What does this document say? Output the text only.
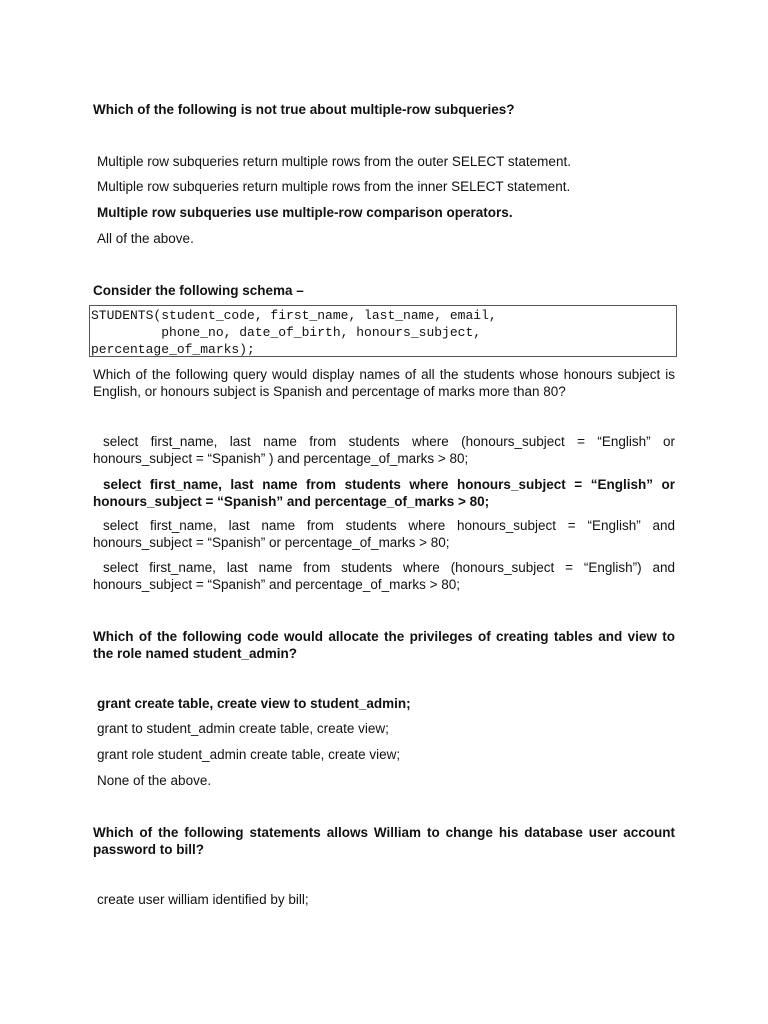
Which of the following is not true about multiple-row subqueries?
Multiple row subqueries return multiple rows from the outer SELECT statement.
Multiple row subqueries return multiple rows from the inner SELECT statement.
Multiple row subqueries use multiple-row comparison operators.
All of the above.
Consider the following schema –
STUDENTS(student_code, first_name, last_name, email,
phone_no, date_of_birth, honours_subject,
percentage_of_marks);
Which of the following query would display names of all the students whose honours subject is English, or honours subject is Spanish and percentage of marks more than 80?
select first_name, last name from students where (honours_subject = “English” or honours_subject = “Spanish” ) and percentage_of_marks > 80;
select first_name, last name from students where honours_subject = “English” or honours_subject = “Spanish” and percentage_of_marks > 80;
select first_name, last name from students where honours_subject = “English” and honours_subject = “Spanish” or percentage_of_marks > 80;
select first_name, last name from students where (honours_subject = “English”) and honours_subject = “Spanish” and percentage_of_marks > 80;
Which of the following code would allocate the privileges of creating tables and view to the role named student_admin?
grant create table, create view to student_admin;
grant to student_admin create table, create view;
grant role student_admin create table, create view;
None of the above.
Which of the following statements allows William to change his database user account password to bill?
create user william identified by bill;
